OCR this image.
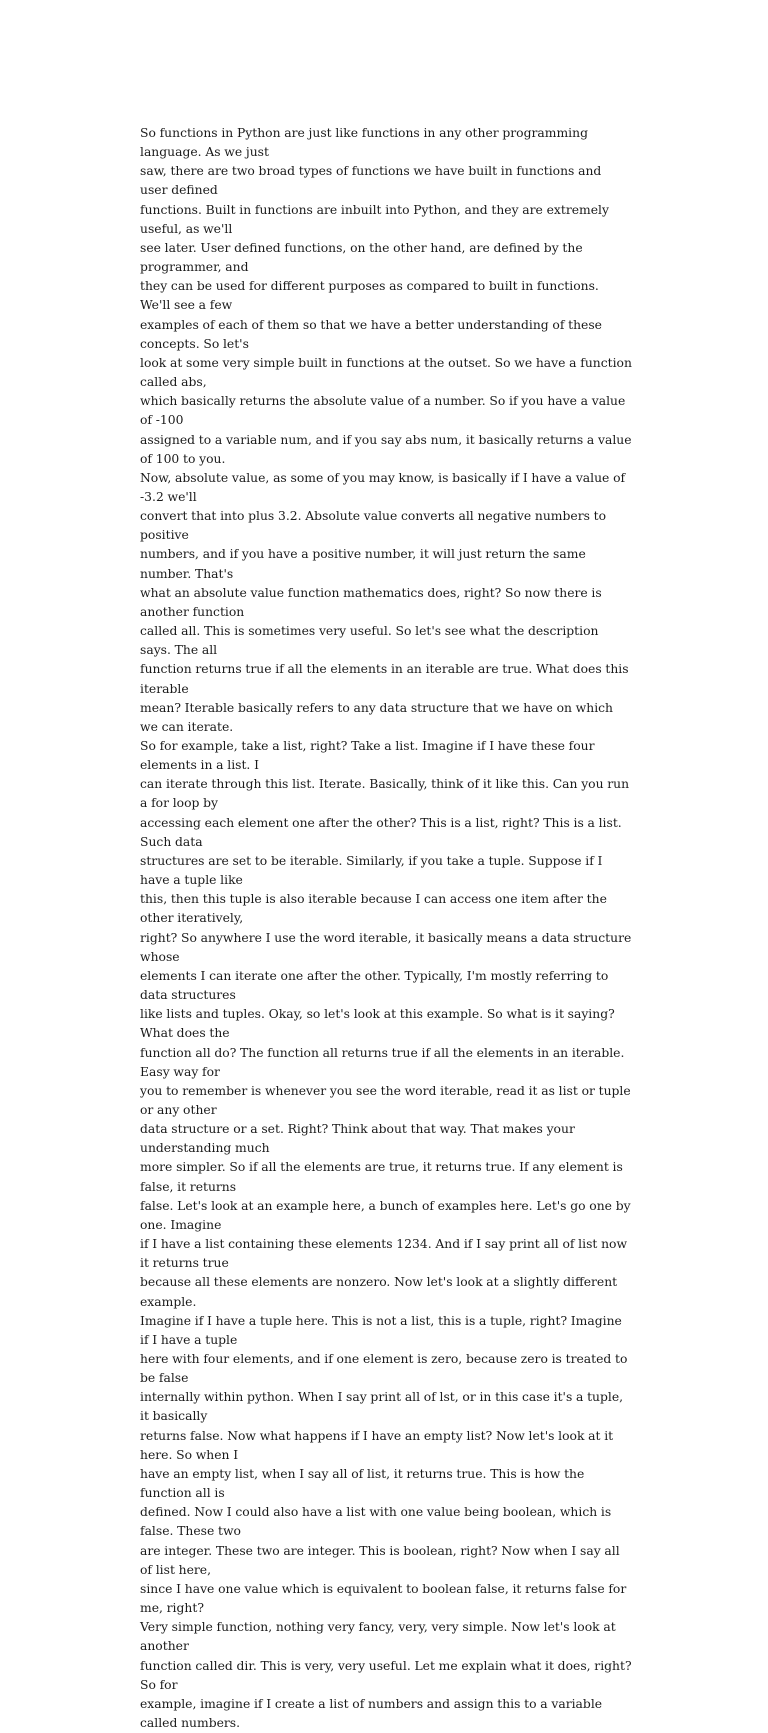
So functions in Python are just like functions in any other programming language. As we just
saw, there are two broad types of functions we have built in functions and user defined
functions. Built in functions are inbuilt into Python, and they are extremely useful, as we'll
see later. User defined functions, on the other hand, are defined by the programmer, and
they can be used for different purposes as compared to built in functions. We'll see a few
examples of each of them so that we have a better understanding of these concepts. So let's
look at some very simple built in functions at the outset. So we have a function called abs,
which basically returns the absolute value of a number. So if you have a value of -100
assigned to a variable num, and if you say abs num, it basically returns a value of 100 to you.
Now, absolute value, as some of you may know, is basically if I have a value of -3.2 we'll
convert that into plus 3.2. Absolute value converts all negative numbers to positive
numbers, and if you have a positive number, it will just return the same number. That's
what an absolute value function mathematics does, right? So now there is another function
called all. This is sometimes very useful. So let's see what the description says. The all
function returns true if all the elements in an iterable are true. What does this iterable
mean? Iterable basically refers to any data structure that we have on which we can iterate.
So for example, take a list, right? Take a list. Imagine if I have these four elements in a list. I
can iterate through this list. Iterate. Basically, think of it like this. Can you run a for loop by
accessing each element one after the other? This is a list, right? This is a list. Such data
structures are set to be iterable. Similarly, if you take a tuple. Suppose if I have a tuple like
this, then this tuple is also iterable because I can access one item after the other iteratively,
right? So anywhere I use the word iterable, it basically means a data structure whose
elements I can iterate one after the other. Typically, I'm mostly referring to data structures
like lists and tuples. Okay, so let's look at this example. So what is it saying? What does the
function all do? The function all returns true if all the elements in an iterable. Easy way for
you to remember is whenever you see the word iterable, read it as list or tuple or any other
data structure or a set. Right? Think about that way. That makes your understanding much
more simpler. So if all the elements are true, it returns true. If any element is false, it returns
false. Let's look at an example here, a bunch of examples here. Let's go one by one. Imagine
if I have a list containing these elements 1234. And if I say print all of list now it returns true
because all these elements are nonzero. Now let's look at a slightly different example.
Imagine if I have a tuple here. This is not a list, this is a tuple, right? Imagine if I have a tuple
here with four elements, and if one element is zero, because zero is treated to be false
internally within python. When I say print all of lst, or in this case it's a tuple, it basically
returns false. Now what happens if I have an empty list? Now let's look at it here. So when I
have an empty list, when I say all of list, it returns true. This is how the function all is
defined. Now I could also have a list with one value being boolean, which is false. These two
are integer. These two are integer. This is boolean, right? Now when I say all of list here,
since I have one value which is equivalent to boolean false, it returns false for me, right?
Very simple function, nothing very fancy, very, very simple. Now let's look at another
function called dir. This is very, very useful. Let me explain what it does, right? So for
example, imagine if I create a list of numbers and assign this to a variable called numbers.
